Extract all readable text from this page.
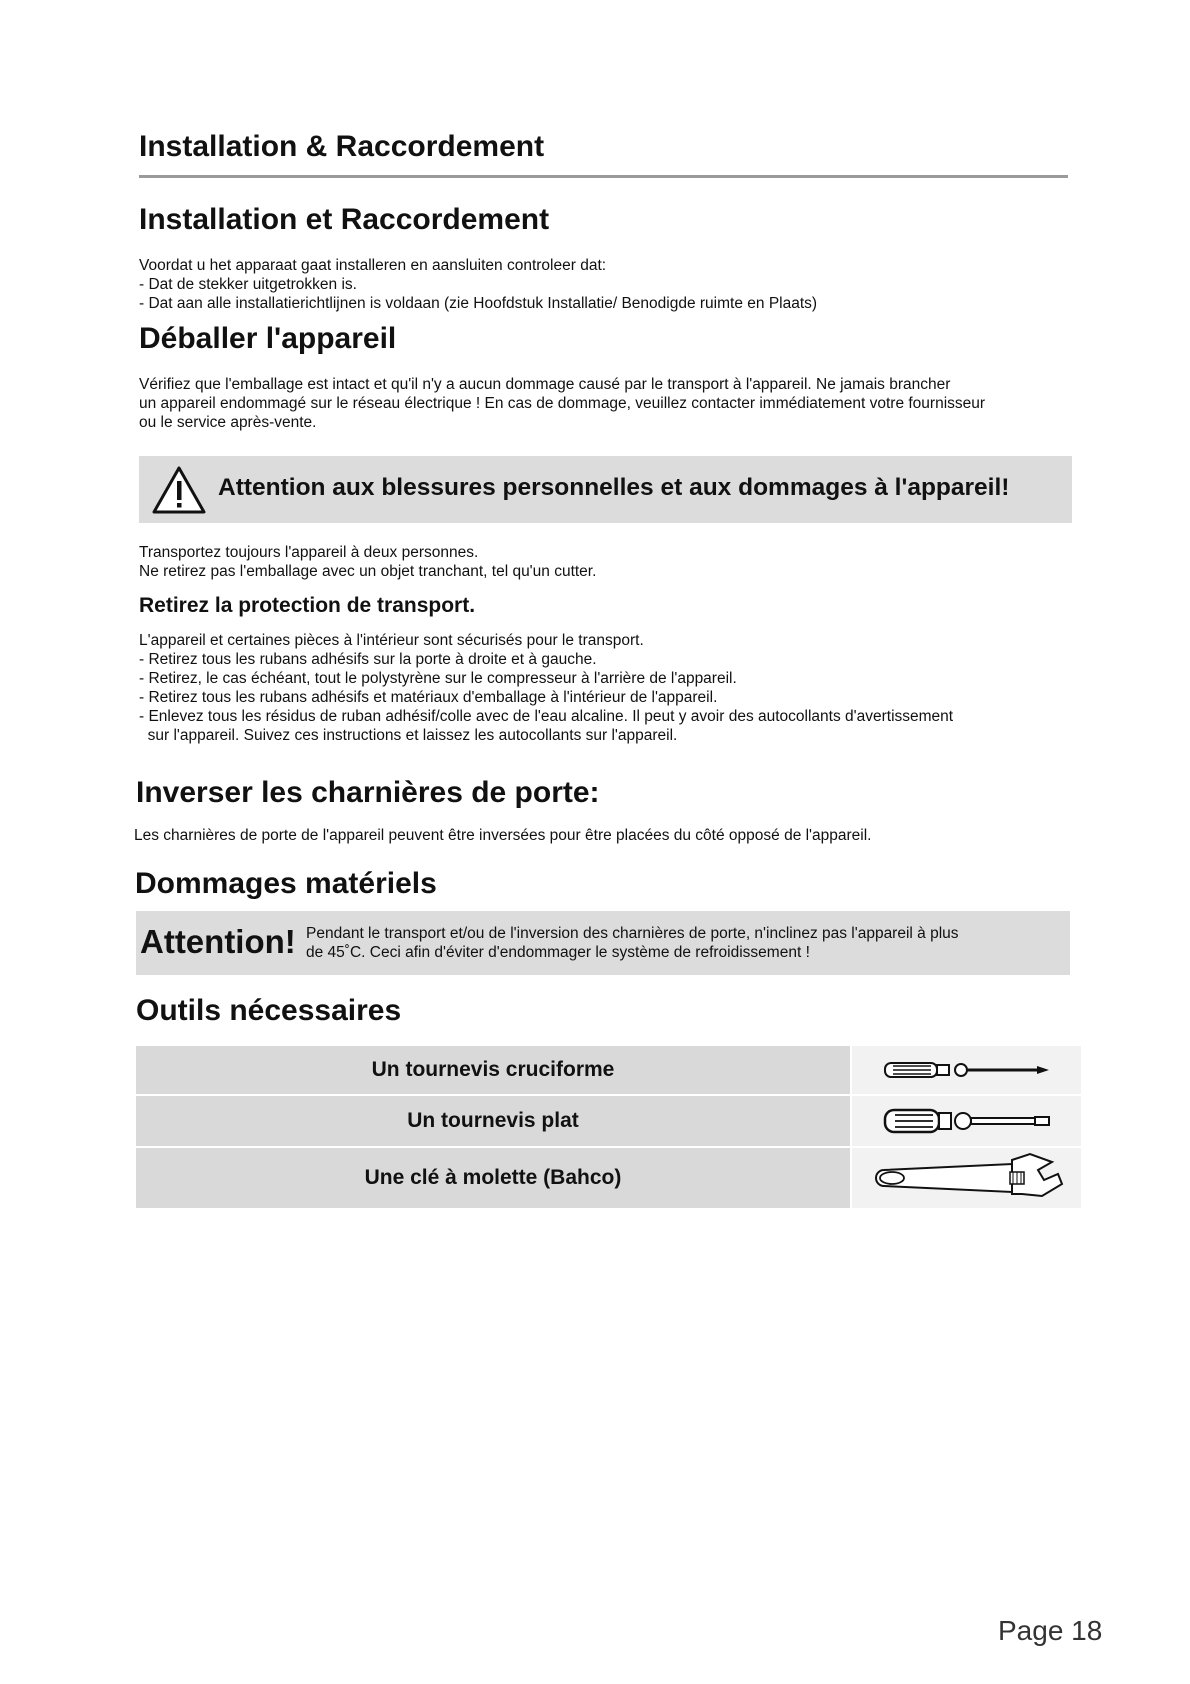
Installation & Raccordement
Installation et Raccordement
Voordat u het apparaat gaat installeren en aansluiten controleer dat:
- Dat de stekker uitgetrokken is.
- Dat aan alle installatierichtlijnen is voldaan (zie Hoofdstuk Installatie/ Benodigde ruimte en Plaats)
Déballer l'appareil
Vérifiez que l'emballage est intact et qu'il n'y a aucun dommage causé par le transport à l'appareil. Ne jamais brancher
un appareil endommagé sur le réseau électrique ! En cas de dommage, veuillez contacter immédiatement votre fournisseur
ou le service après-vente.

Attention aux blessures personnelles et aux dommages à l'appareil!

Transportez toujours l'appareil à deux personnes.
Ne retirez pas l'emballage avec un objet tranchant, tel qu'un cutter.
Retirez la protection de transport.
L'appareil et certaines pièces à l'intérieur sont sécurisés pour le transport.
- Retirez tous les rubans adhésifs sur la porte à droite et à gauche.
- Retirez, le cas échéant, tout le polystyrène sur le compresseur à l'arrière de l'appareil.
- Retirez tous les rubans adhésifs et matériaux d'emballage à l'intérieur de l'appareil.
- Enlevez tous les résidus de ruban adhésif/colle avec de l'eau alcaline. Il peut y avoir des autocollants d'avertissement
sur l'appareil. Suivez ces instructions et laissez les autocollants sur l'appareil.
Inverser les charnières de porte:
Les charnières de porte de l'appareil peuvent être inversées pour être placées du côté opposé de l'appareil.
Dommages matériels
Attention! Pendant le transport et/ou de l'inversion des charnières de porte, n'inclinez pas l'appareil à plus
de 45˚C. Ceci afin d'éviter d'endommager le système de refroidissement !
Outils nécessaires
Un tournevis cruciforme
Un tournevis plat
Une clé à molette (Bahco)
Page 18
